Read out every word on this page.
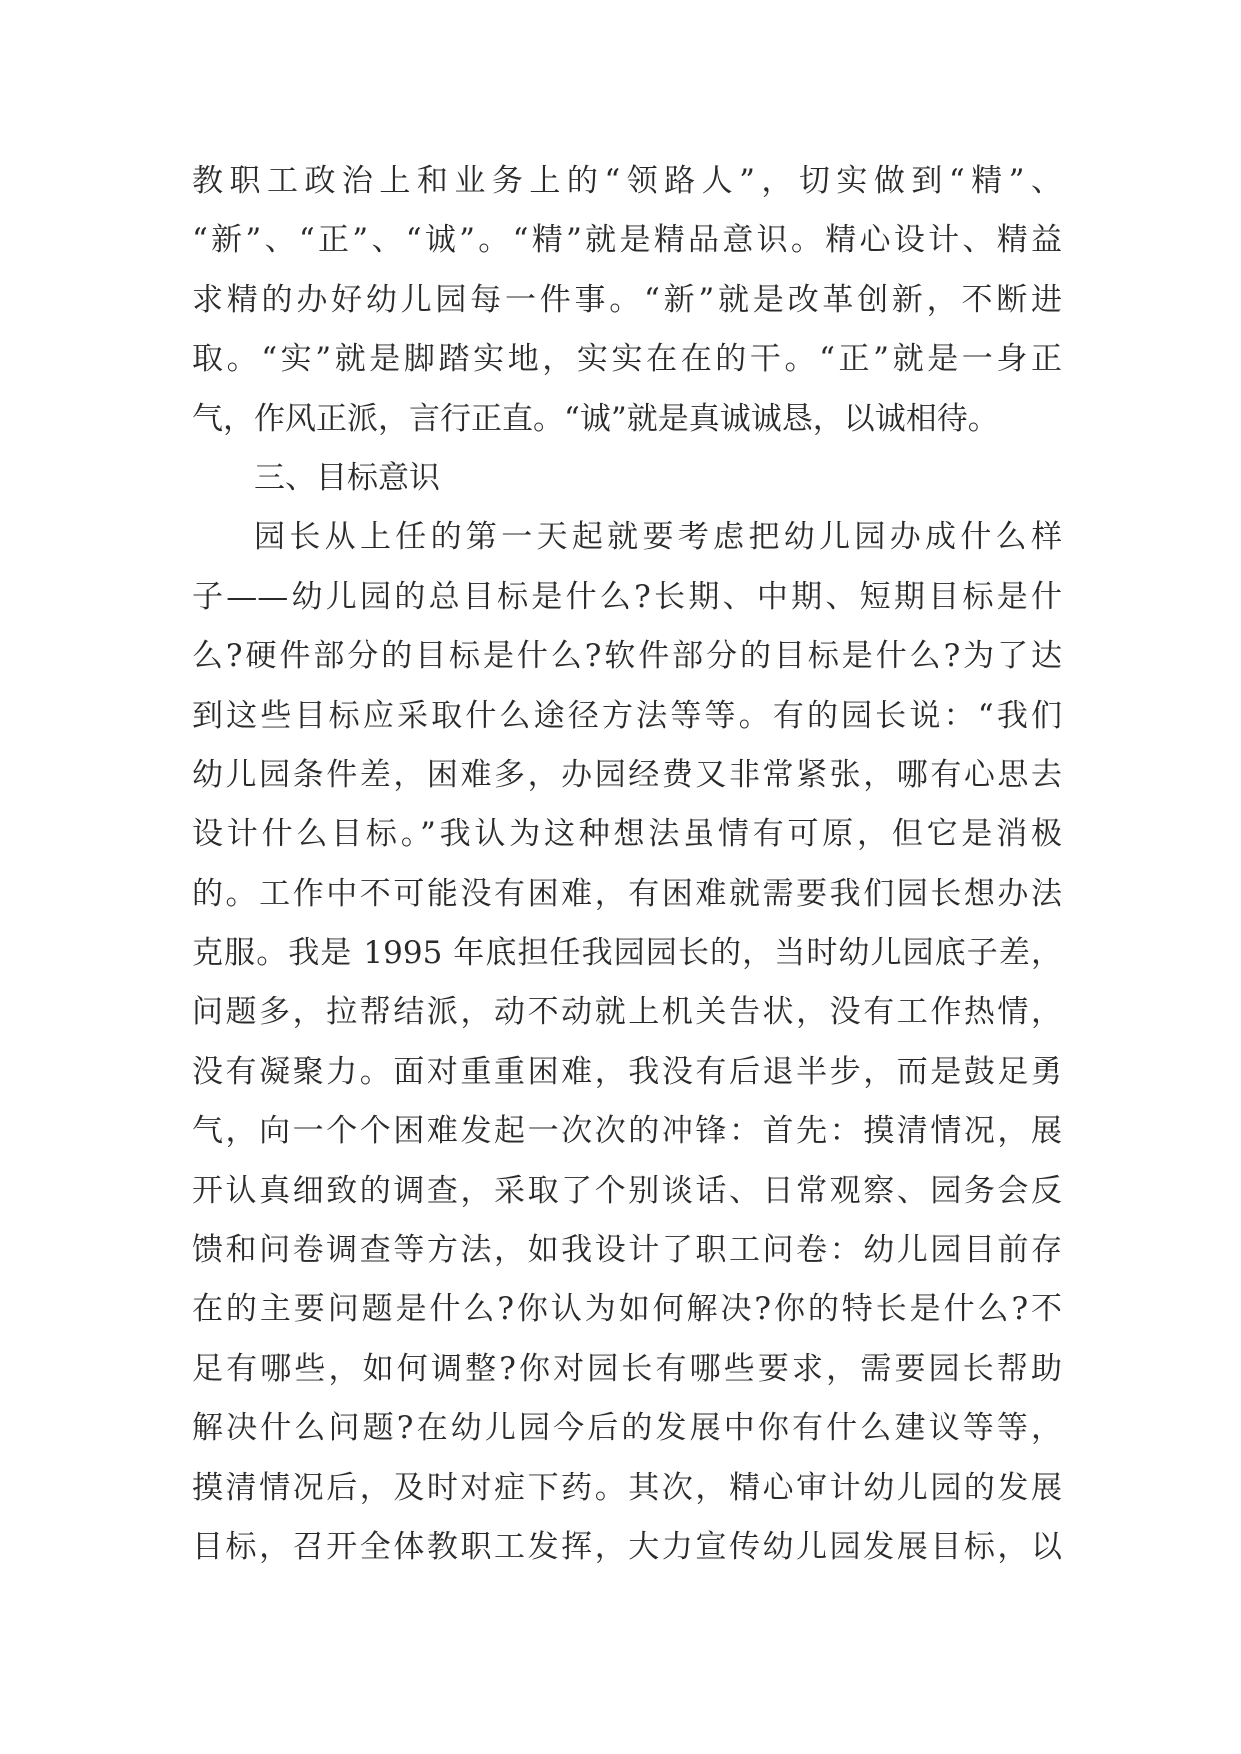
教职工政治上和业务上的“领路人”，切实做到“精”、
“新”、“正”、“诚”。“精”就是精品意识。精心设计、精益
求精的办好幼儿园每一件事。“新”就是改革创新，不断进
取。“实”就是脚踏实地，实实在在的干。“正”就是一身正
气，作风正派，言行正直。“诚”就是真诚诚恳，以诚相待。
三、目标意识
园长从上任的第一天起就要考虑把幼儿园办成什么样
子——幼儿园的总目标是什么?长期、中期、短期目标是什
么?硬件部分的目标是什么?软件部分的目标是什么?为了达
到这些目标应采取什么途径方法等等。有的园长说：“我们
幼儿园条件差，困难多，办园经费又非常紧张，哪有心思去
设计什么目标。”我认为这种想法虽情有可原，但它是消极
的。工作中不可能没有困难，有困难就需要我们园长想办法
克服。我是 1995 年底担任我园园长的，当时幼儿园底子差，
问题多，拉帮结派，动不动就上机关告状，没有工作热情，
没有凝聚力。面对重重困难，我没有后退半步，而是鼓足勇
气，向一个个困难发起一次次的冲锋：首先：摸清情况，展
开认真细致的调查，采取了个别谈话、日常观察、园务会反
馈和问卷调查等方法，如我设计了职工问卷：幼儿园目前存
在的主要问题是什么?你认为如何解决?你的特长是什么?不
足有哪些，如何调整?你对园长有哪些要求，需要园长帮助
解决什么问题?在幼儿园今后的发展中你有什么建议等等，
摸清情况后，及时对症下药。其次，精心审计幼儿园的发展
目标，召开全体教职工发挥，大力宣传幼儿园发展目标，以
